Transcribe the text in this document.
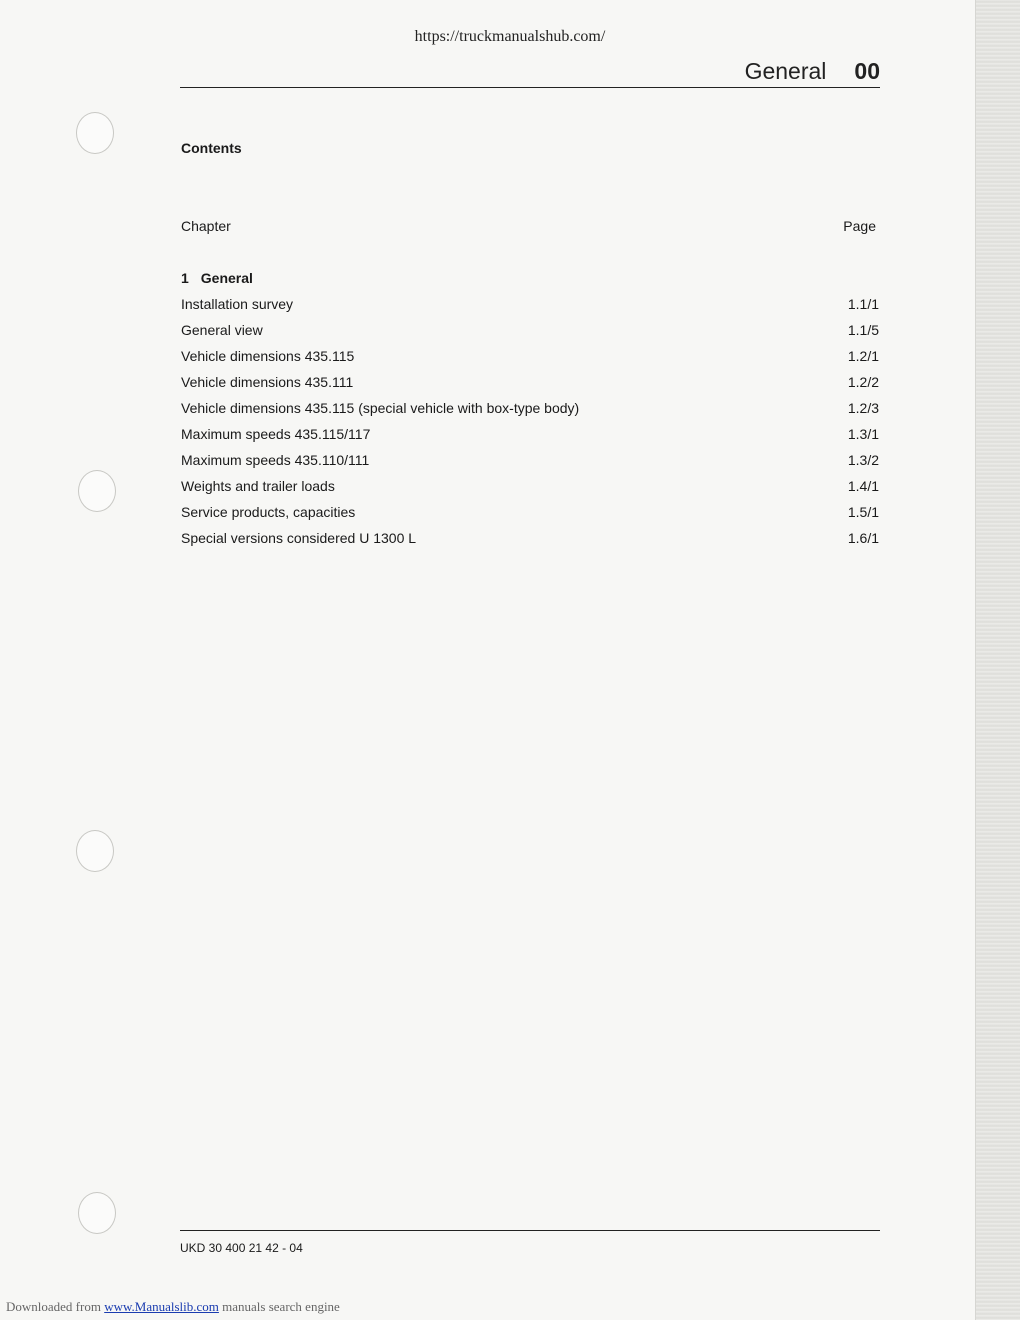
https://truckmanualshub.com/
General 00
Contents
Chapter	Page
1 General
Installation survey	1.1/1
General view	1.1/5
Vehicle dimensions 435.115	1.2/1
Vehicle dimensions 435.111	1.2/2
Vehicle dimensions 435.115 (special vehicle with box-type body)	1.2/3
Maximum speeds 435.115/117	1.3/1
Maximum speeds 435.110/111	1.3/2
Weights and trailer loads	1.4/1
Service products, capacities	1.5/1
Special versions considered U 1300 L	1.6/1
UKD 30 400 21 42 - 04
Downloaded from www.Manualslib.com manuals search engine
